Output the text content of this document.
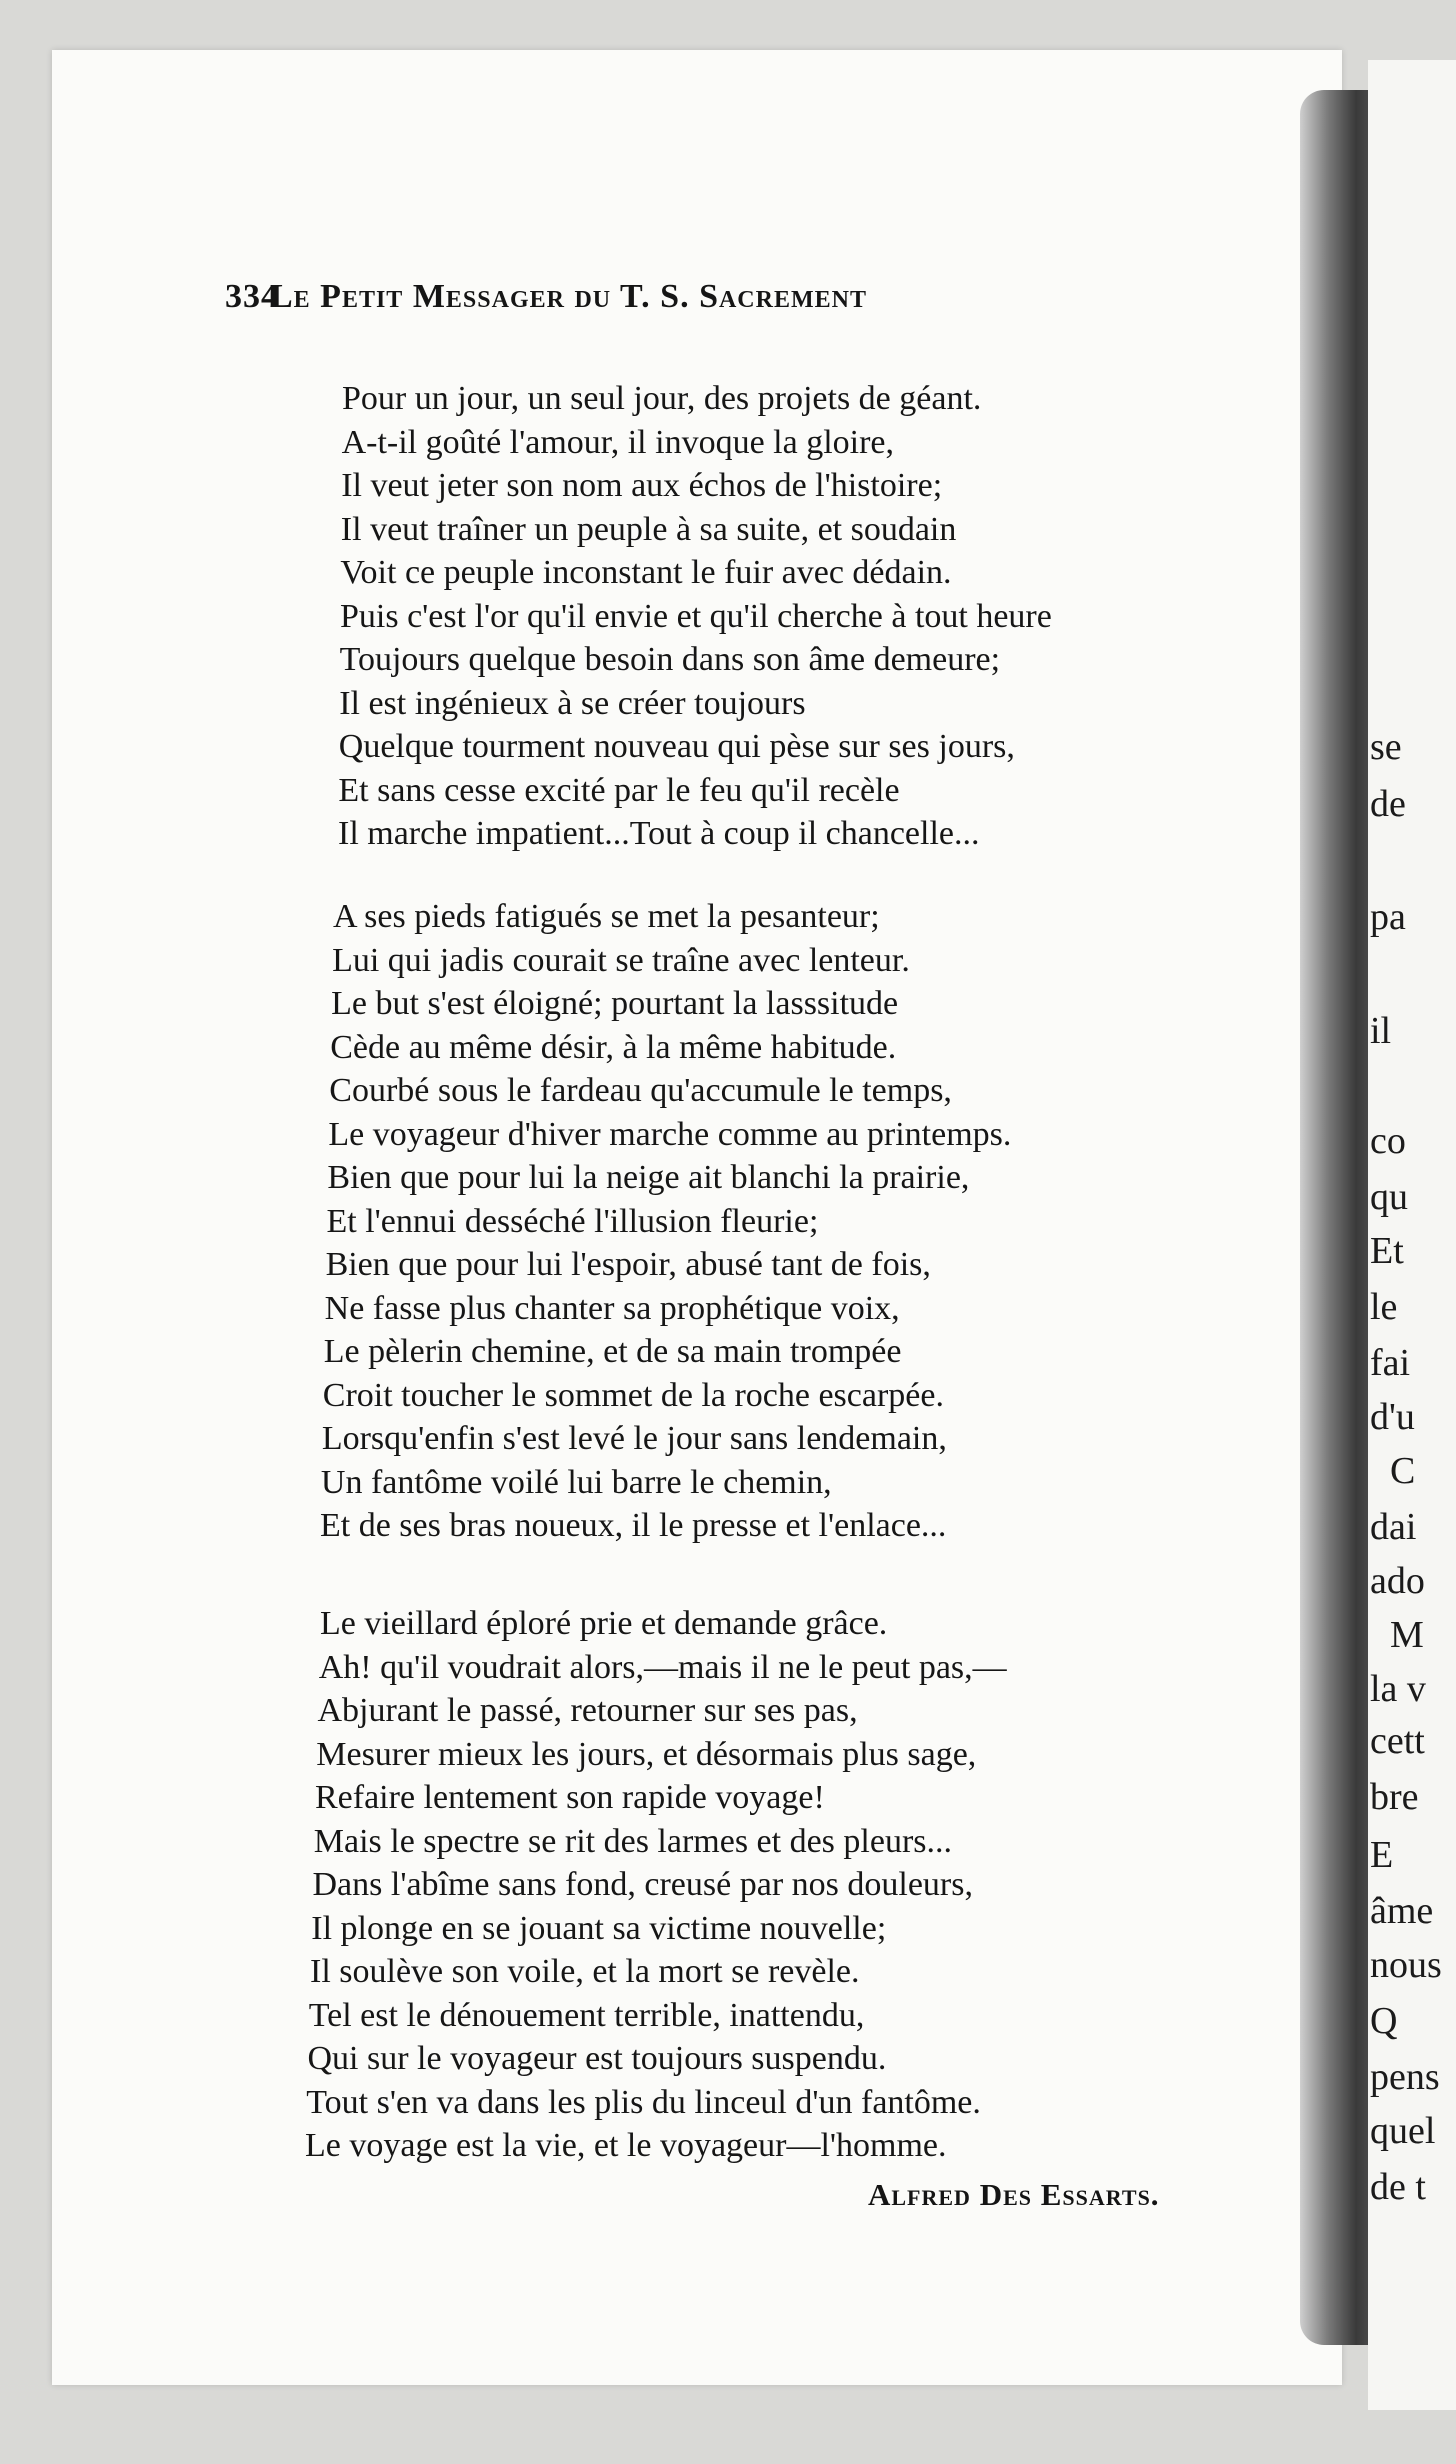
se
de
pa
il
co
qu
Et
le
fai
d'u
C
dai
ado
M
la v
cett
bre
E
âme
nous
Q
pens
quel
de t
334
Le Petit Messager du T. S. Sacrement
Pour un jour, un seul jour, des projets de géant.
A-t-il goûté l'amour, il invoque la gloire,
Il veut jeter son nom aux échos de l'histoire;
Il veut traîner un peuple à sa suite, et soudain
Voit ce peuple inconstant le fuir avec dédain.
Puis c'est l'or qu'il envie et qu'il cherche à tout heure
Toujours quelque besoin dans son âme demeure;
Il est ingénieux à se créer toujours
Quelque tourment nouveau qui pèse sur ses jours,
Et sans cesse excité par le feu qu'il recèle
Il marche impatient...Tout à coup il chancelle...
A ses pieds fatigués se met la pesanteur;
Lui qui jadis courait se traîne avec lenteur.
Le but s'est éloigné; pourtant la lasssitude
Cède au même désir, à la même habitude.
Courbé sous le fardeau qu'accumule le temps,
Le voyageur d'hiver marche comme au printemps.
Bien que pour lui la neige ait blanchi la prairie,
Et l'ennui desséché l'illusion fleurie;
Bien que pour lui l'espoir, abusé tant de fois,
Ne fasse plus chanter sa prophétique voix,
Le pèlerin chemine, et de sa main trompée
Croit toucher le sommet de la roche escarpée.
Lorsqu'enfin s'est levé le jour sans lendemain,
Un fantôme voilé lui barre le chemin,
Et de ses bras noueux, il le presse et l'enlace...
Le vieillard éploré prie et demande grâce.
Ah! qu'il voudrait alors,—mais il ne le peut pas,—
Abjurant le passé, retourner sur ses pas,
Mesurer mieux les jours, et désormais plus sage,
Refaire lentement son rapide voyage!
Mais le spectre se rit des larmes et des pleurs...
Dans l'abîme sans fond, creusé par nos douleurs,
Il plonge en se jouant sa victime nouvelle;
Il soulève son voile, et la mort se revèle.
Tel est le dénouement terrible, inattendu,
Qui sur le voyageur est toujours suspendu.
Tout s'en va dans les plis du linceul d'un fantôme.
Le voyage est la vie, et le voyageur—l'homme.
Alfred Des Essarts.
